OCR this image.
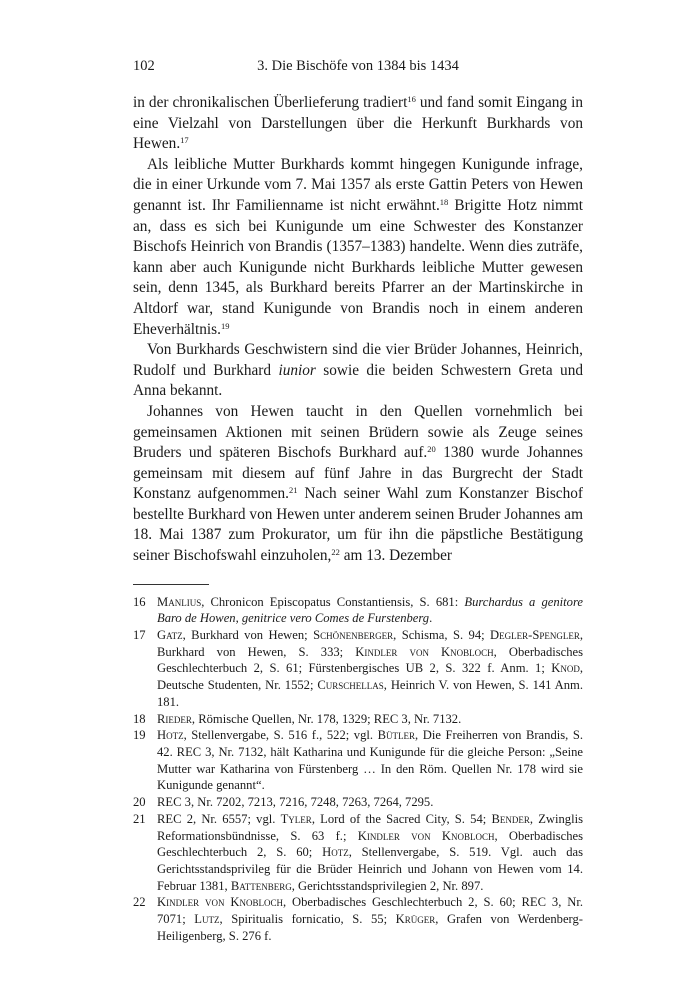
102	3. Die Bischöfe von 1384 bis 1434

in der chronikalischen Überlieferung tradiert$^{16}$ und fand somit Eingang in eine Vielzahl von Darstellungen über die Herkunft Burkhards von Hewen.$^{17}$

Als leibliche Mutter Burkhards kommt hingegen Kunigunde infrage, die in einer Urkunde vom 7. Mai 1357 als erste Gattin Peters von Hewen genannt ist. Ihr Familienname ist nicht erwähnt.$^{18}$ Brigitte Hotz nimmt an, dass es sich bei Kunigunde um eine Schwester des Konstanzer Bischofs Heinrich von Brandis (1357–1383) handelte. Wenn dies zuträfe, kann aber auch Kunigunde nicht Burkhards leibliche Mutter gewesen sein, denn 1345, als Burkhard bereits Pfarrer an der Martinskirche in Altdorf war, stand Kunigunde von Brandis noch in einem anderen Eheverhältnis.$^{19}$

Von Burkhards Geschwistern sind die vier Brüder Johannes, Heinrich, Rudolf und Burkhard iunior sowie die beiden Schwestern Greta und Anna bekannt.

Johannes von Hewen taucht in den Quellen vornehmlich bei gemeinsamen Aktionen mit seinen Brüdern sowie als Zeuge seines Bruders und späteren Bischofs Burkhard auf.$^{20}$ 1380 wurde Johannes gemeinsam mit diesem auf fünf Jahre in das Burgrecht der Stadt Konstanz aufgenommen.$^{21}$ Nach seiner Wahl zum Konstanzer Bischof bestellte Burkhard von Hewen unter anderem seinen Bruder Johannes am 18. Mai 1387 zum Prokurator, um für ihn die päpstliche Bestätigung seiner Bischofswahl einzuholen,$^{22}$ am 13. Dezember

16 Manlius, Chronicon Episcopatus Constantiensis, S. 681: Burchardus a genitore Baro de Howen, genitrice vero Comes de Furstenberg.
17 Gatz, Burkhard von Hewen; Schönenberger, Schisma, S. 94; Degler-Spengler, Burkhard von Hewen, S. 333; Kindler von Knobloch, Oberbadisches Geschlechterbuch 2, S. 61; Fürstenbergisches UB 2, S. 322 f. Anm. 1; Knod, Deutsche Studenten, Nr. 1552; Curschellas, Heinrich V. von Hewen, S. 141 Anm. 181.
18 Rieder, Römische Quellen, Nr. 178, 1329; REC 3, Nr. 7132.
19 Hotz, Stellenvergabe, S. 516 f., 522; vgl. Bütler, Die Freiherren von Brandis, S. 42. REC 3, Nr. 7132, hält Katharina und Kunigunde für die gleiche Person: „Seine Mutter war Katharina von Fürstenberg … In den Röm. Quellen Nr. 178 wird sie Kunigunde genannt“.
20 REC 3, Nr. 7202, 7213, 7216, 7248, 7263, 7264, 7295.
21 REC 2, Nr. 6557; vgl. Tyler, Lord of the Sacred City, S. 54; Bender, Zwinglis Reformationsbündnisse, S. 63 f.; Kindler von Knobloch, Oberbadisches Geschlechterbuch 2, S. 60; Hotz, Stellenvergabe, S. 519. Vgl. auch das Gerichtsstandsprivileg für die Brüder Heinrich und Johann von Hewen vom 14. Februar 1381, Battenberg, Gerichtsstandsprivilegien 2, Nr. 897.
22 Kindler von Knobloch, Oberbadisches Geschlechterbuch 2, S. 60; REC 3, Nr. 7071; Lutz, Spiritualis fornicatio, S. 55; Krüger, Grafen von Werdenberg-Heiligenberg, S. 276 f.
